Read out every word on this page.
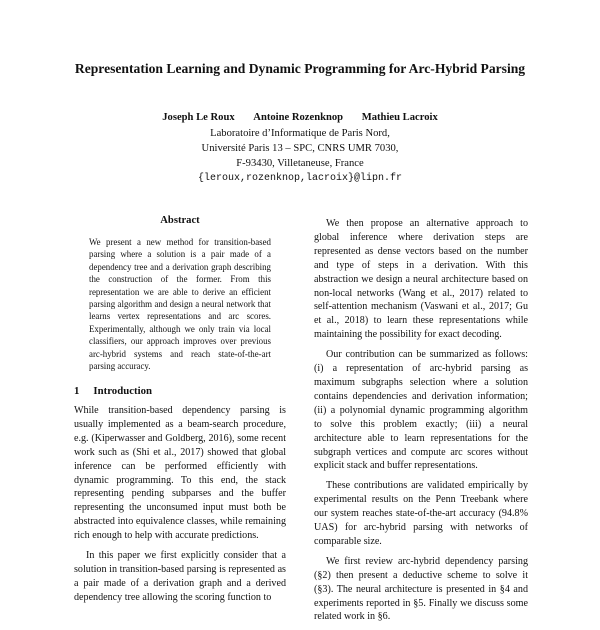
Representation Learning and Dynamic Programming for Arc-Hybrid Parsing
Joseph Le Roux Antoine Rozenknop Mathieu Lacroix
Laboratoire d’Informatique de Paris Nord,
Université Paris 13 – SPC, CNRS UMR 7030,
F-93430, Villetaneuse, France
{leroux,rozenknop,lacroix}@lipn.fr
Abstract
We present a new method for transition-based parsing where a solution is a pair made of a dependency tree and a derivation graph describing the construction of the former. From this representation we are able to derive an efficient parsing algorithm and design a neural network that learns vertex representations and arc scores. Experimentally, although we only train via local classifiers, our approach improves over previous arc-hybrid systems and reach state-of-the-art parsing accuracy.
1 Introduction

While transition-based dependency parsing is usually implemented as a beam-search procedure, e.g. (Kiperwasser and Goldberg, 2016), some recent work such as (Shi et al., 2017) showed that global inference can be performed efficiently with dynamic programming. To this end, the stack representing pending subparses and the buffer representing the unconsumed input must both be abstracted into equivalence classes, while remaining rich enough to help with accurate predictions.

In this paper we first explicitly consider that a solution in transition-based parsing is represented as a pair made of a derivation graph and a derived dependency tree allowing the scoring function to

We then propose an alternative approach to global inference where derivation steps are represented as dense vectors based on the number and type of steps in a derivation. With this abstraction we design a neural architecture based on non-local networks (Wang et al., 2017) related to self-attention mechanism (Vaswani et al., 2017; Gu et al., 2018) to learn these representations while maintaining the possibility for exact decoding.

Our contribution can be summarized as follows: (i) a representation of arc-hybrid parsing as maximum subgraphs selection where a solution contains dependencies and derivation information; (ii) a polynomial dynamic programming algorithm to solve this problem exactly; (iii) a neural architecture able to learn representations for the subgraph vertices and compute arc scores without explicit stack and buffer representations.

These contributions are validated empirically by experimental results on the Penn Treebank where our system reaches state-of-the-art accuracy (94.8% UAS) for arc-hybrid parsing with networks of comparable size.

We first review arc-hybrid dependency parsing (§2) then present a deductive scheme to solve it (§3). The neural architecture is presented in §4 and experiments reported in §5. Finally we discuss some related work in §6.
